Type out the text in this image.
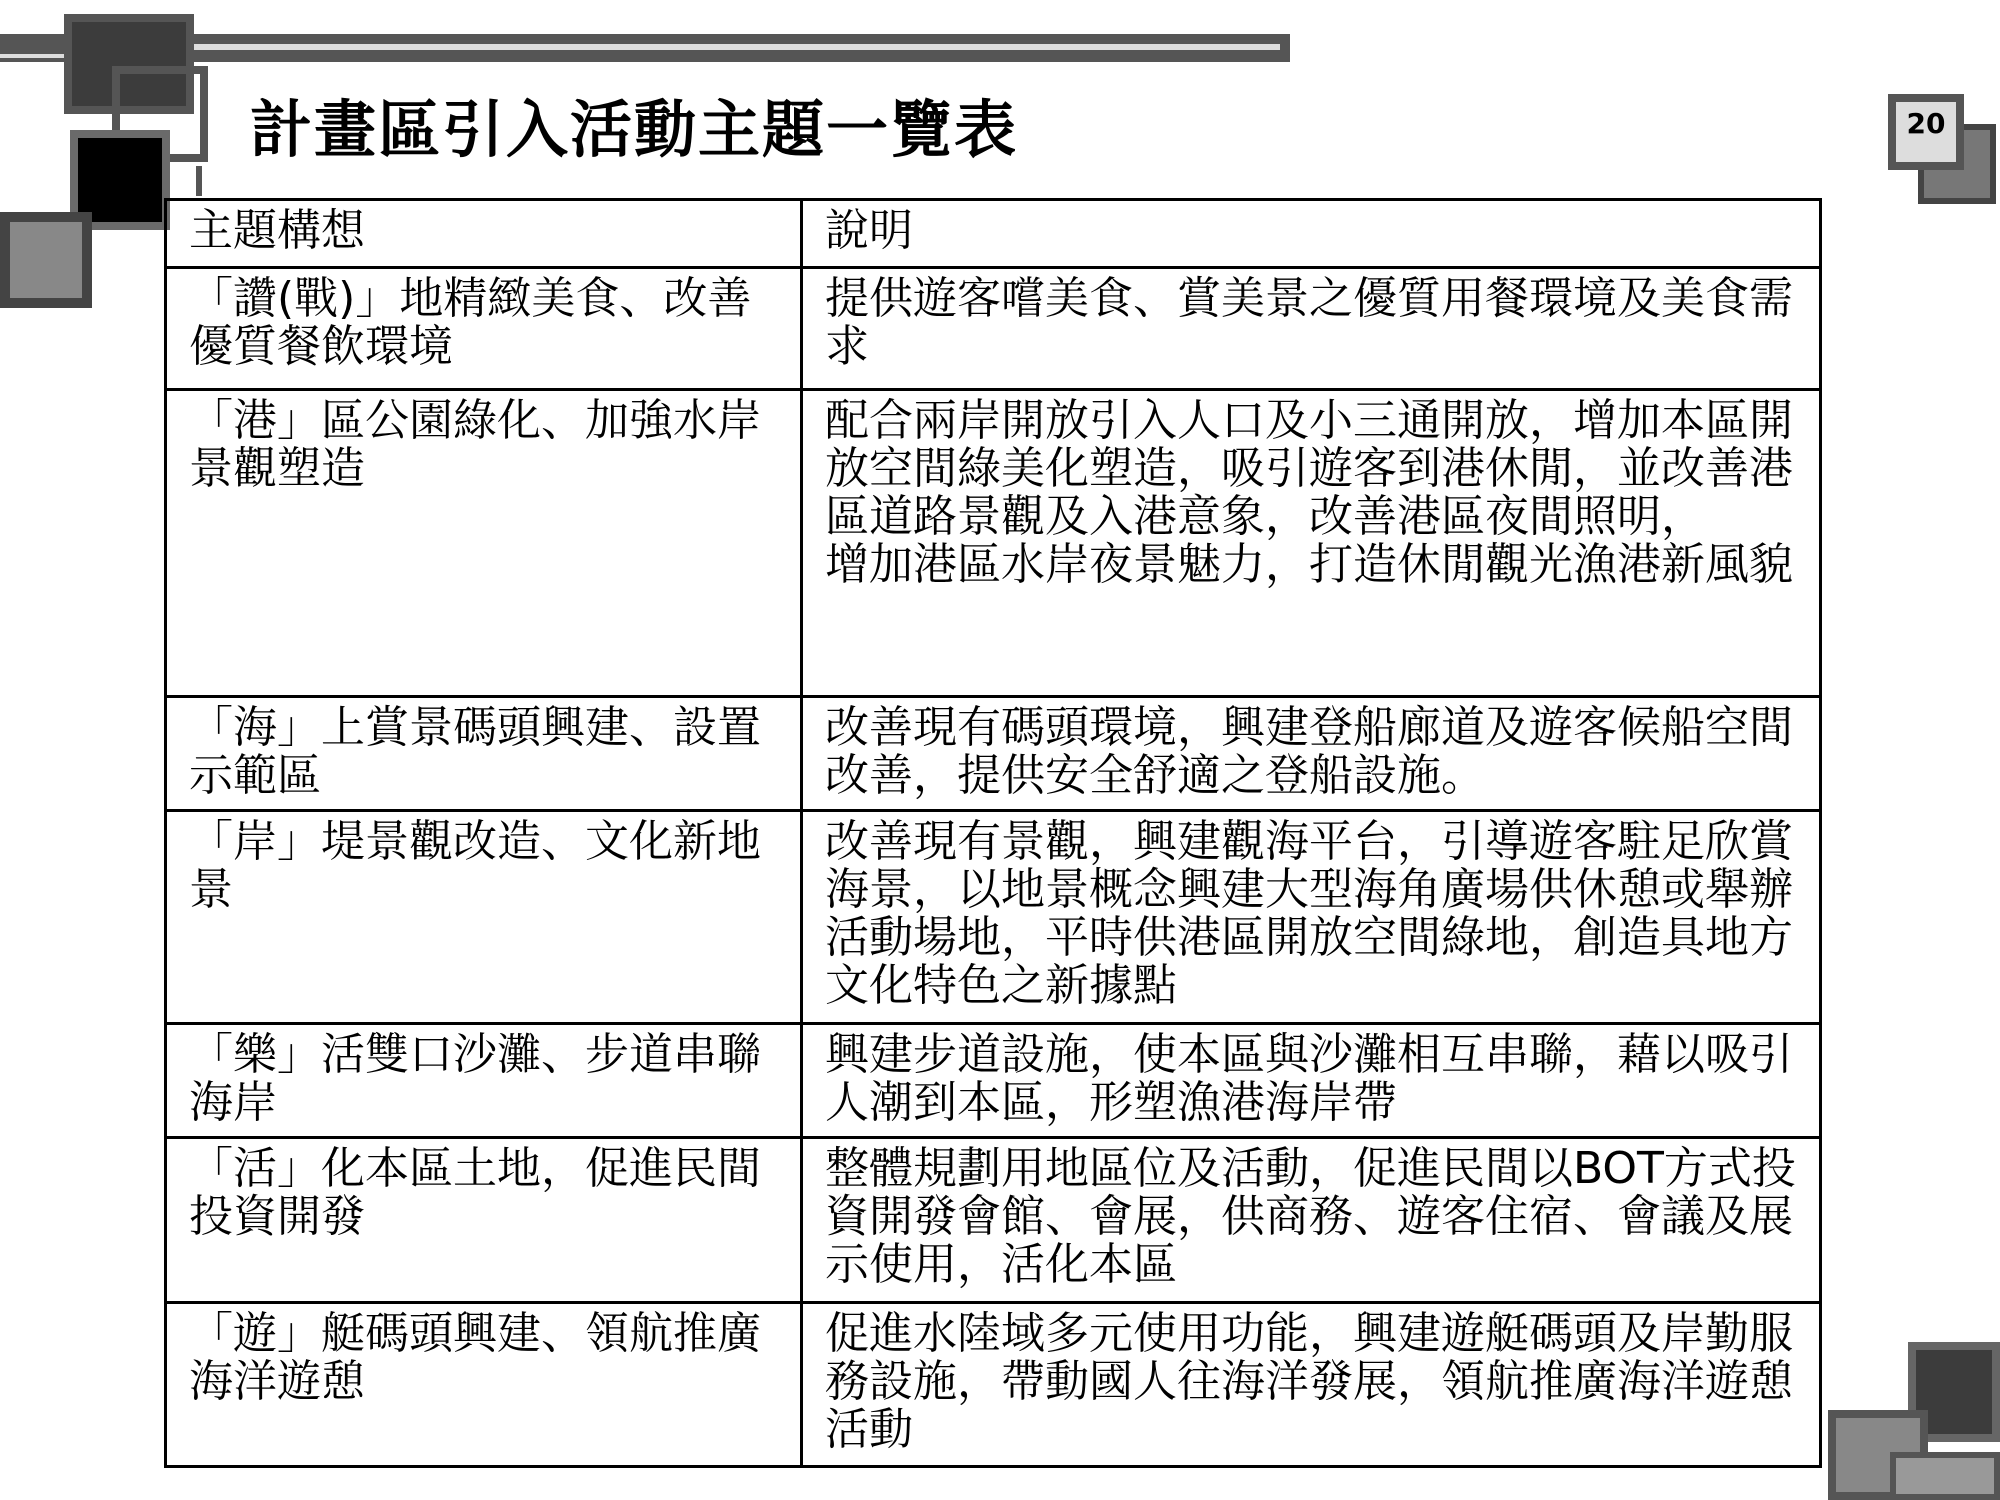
20
計畫區引入活動主題一覽表
主題構想	說明
「讚(戰)」地精緻美食、改善優質餐飲環境	提供遊客嚐美食、賞美景之優質用餐環境及美食需求

「港」區公園綠化、加強水岸景觀塑造	配合兩岸開放引入人口及小三通開放，增加本區開放空間綠美化塑造，吸引遊客到港休閒，並改善港區道路景觀及入港意象，改善港區夜間照明，
增加港區水岸夜景魅力，打造休閒觀光漁港新風貌

「海」上賞景碼頭興建、設置示範區	改善現有碼頭環境，興建登船廊道及遊客候船空間改善，提供安全舒適之登船設施。

「岸」堤景觀改造、文化新地景	改善現有景觀，興建觀海平台，引導遊客駐足欣賞海景，以地景概念興建大型海角廣場供休憩或舉辦活動場地，平時供港區開放空間綠地，創造具地方文化特色之新據點

「樂」活雙口沙灘、步道串聯海岸	興建步道設施，使本區與沙灘相互串聯，藉以吸引人潮到本區，形塑漁港海岸帶

「活」化本區土地，促進民間投資開發	整體規劃用地區位及活動，促進民間以BOT方式投資開發會館、會展，供商務、遊客住宿、會議及展示使用，活化本區

「遊」艇碼頭興建、領航推廣海洋遊憩	促進水陸域多元使用功能，興建遊艇碼頭及岸勤服務設施，帶動國人往海洋發展，領航推廣海洋遊憩活動
